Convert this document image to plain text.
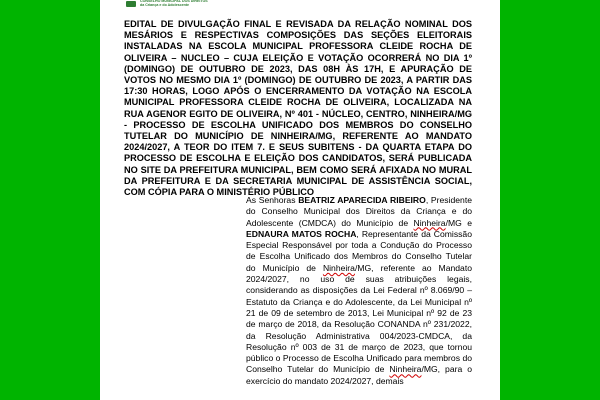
CONSELHO MUNICIPAL DOS DIREITOS
da Criança e do Adolescente
EDITAL DE DIVULGAÇÃO FINAL E REVISADA DA RELAÇÃO NOMINAL DOS MESÁRIOS E RESPECTIVAS COMPOSIÇÕES DAS SEÇÕES ELEITORAIS INSTALADAS NA ESCOLA MUNICIPAL PROFESSORA CLEIDE ROCHA DE OLIVEIRA – NUCLEO – CUJA ELEIÇÃO E VOTAÇÃO OCORRERÁ NO DIA 1º (DOMINGO) DE OUTUBRO DE 2023, DAS 08H ÀS 17H, E APURAÇÃO DE VOTOS NO MESMO DIA 1º (DOMINGO) DE OUTUBRO DE 2023, A PARTIR DAS 17:30 HORAS, LOGO APÓS O ENCERRAMENTO DA VOTAÇÃO NA ESCOLA MUNICIPAL PROFESSORA CLEIDE ROCHA DE OLIVEIRA, LOCALIZADA NA RUA AGENOR EGITO DE OLIVEIRA, Nº 401 - NÚCLEO, CENTRO, NINHEIRA/MG - PROCESSO DE ESCOLHA UNIFICADO DOS MEMBROS DO CONSELHO TUTELAR DO MUNICÍPIO DE NINHEIRA/MG, REFERENTE AO MANDATO 2024/2027, A TEOR DO ITEM 7. E SEUS SUBITENS - DA QUARTA ETAPA DO PROCESSO DE ESCOLHA E ELEIÇÃO DOS CANDIDATOS, SERÁ PUBLICADA NO SITE DA PREFEITURA MUNICIPAL, BEM COMO SERÁ AFIXADA NO MURAL DA PREFEITURA E DA SECRETARIA MUNICIPAL DE ASSISTÊNCIA SOCIAL, COM CÓPIA PARA O MINISTÉRIO PÚBLICO
As Senhoras BEATRIZ APARECIDA RIBEIRO, Presidente do Conselho Municipal dos Direitos da Criança e do Adolescente (CMDCA) do Município de Ninheira/MG e EDNAURA MATOS ROCHA, Representante da Comissão Especial Responsável por toda a Condução do Processo de Escolha Unificado dos Membros do Conselho Tutelar do Município de Ninheira/MG, referente ao Mandato 2024/2027, no uso de suas atribuições legais, considerando as disposições da Lei Federal nº 8.069/90 – Estatuto da Criança e do Adolescente, da Lei Municipal nº 21 de 09 de setembro de 2013, Lei Municipal nº 92 de 23 de março de 2018, da Resolução CONANDA nº 231/2022, da Resolução Administrativa 004/2023-CMDCA, da Resolução nº 003 de 31 de março de 2023, que tornou público o Processo de Escolha Unificado para membros do Conselho Tutelar do Município de Ninheira/MG, para o exercício do mandato 2024/2027, demais
